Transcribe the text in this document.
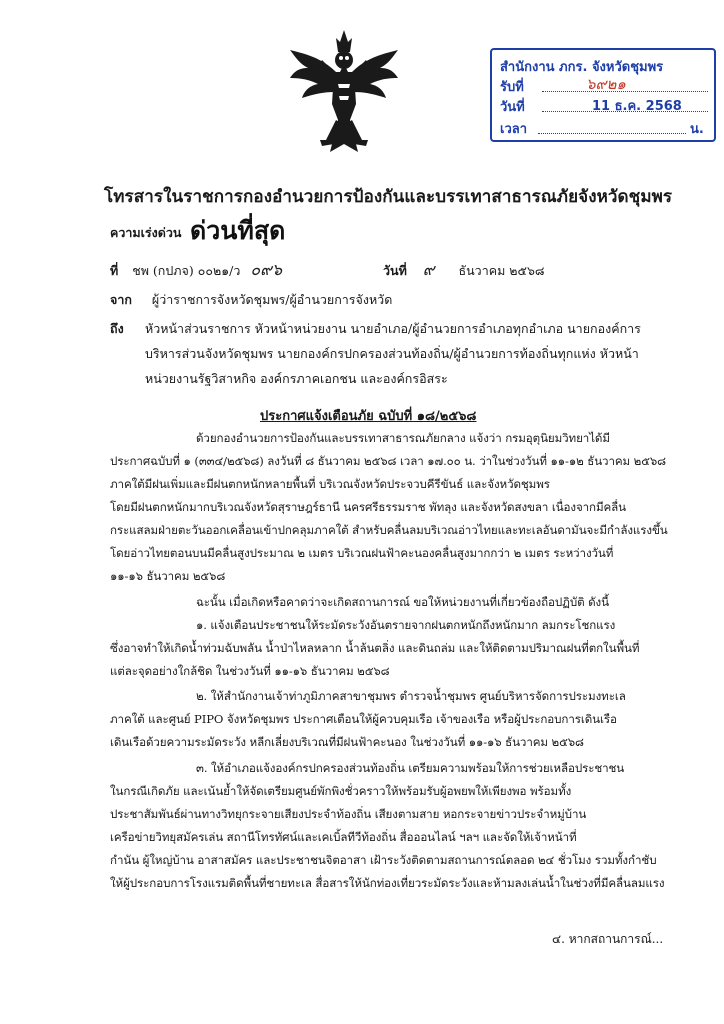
สำนักงาน ภกร. จังหวัดชุมพร
รับที่	๖๙๒๑
วันที่	11 ธ.ค. 2568
เวลา	น.
โทรสารในราชการกองอำนวยการป้องกันและบรรเทาสาธารณภัยจังหวัดชุมพร
ความเร่งด่วน ด่วนที่สุด
ที่ ชพ (กปภจ) ๐๐๒๑/ว ๐๙๖	วันที่ ๙ ธันวาคม ๒๕๖๘
จาก ผู้ว่าราชการจังหวัดชุมพร/ผู้อำนวยการจังหวัด
ถึง หัวหน้าส่วนราชการ หัวหน้าหน่วยงาน นายอำเภอ/ผู้อำนวยการอำเภอทุกอำเภอ นายกองค์การ
บริหารส่วนจังหวัดชุมพร นายกองค์กรปกครองส่วนท้องถิ่น/ผู้อำนวยการท้องถิ่นทุกแห่ง หัวหน้า
หน่วยงานรัฐวิสาหกิจ องค์กรภาคเอกชน และองค์กรอิสระ
ประกาศแจ้งเตือนภัย ฉบับที่ ๑๘/๒๕๖๘
ด้วยกองอำนวยการป้องกันและบรรเทาสาธารณภัยกลาง แจ้งว่า กรมอุตุนิยมวิทยาได้มี
ประกาศฉบับที่ ๑ (๓๓๔/๒๕๖๘) ลงวันที่ ๘ ธันวาคม ๒๕๖๘ เวลา ๑๗.๐๐ น. ว่าในช่วงวันที่ ๑๑-๑๒ ธันวาคม ๒๕๖๘
ภาคใต้มีฝนเพิ่มและมีฝนตกหนักหลายพื้นที่ บริเวณจังหวัดประจวบคีรีขันธ์ และจังหวัดชุมพร
โดยมีฝนตกหนักมากบริเวณจังหวัดสุราษฎร์ธานี นครศรีธรรมราช พัทลุง และจังหวัดสงขลา เนื่องจากมีคลื่น
กระแสลมฝ่ายตะวันออกเคลื่อนเข้าปกคลุมภาคใต้ สำหรับคลื่นลมบริเวณอ่าวไทยและทะเลอันดามันจะมีกำลังแรงขึ้น
โดยอ่าวไทยตอนบนมีคลื่นสูงประมาณ ๒ เมตร บริเวณฝนฟ้าคะนองคลื่นสูงมากกว่า ๒ เมตร ระหว่างวันที่
๑๑-๑๖ ธันวาคม ๒๕๖๘
ฉะนั้น เมื่อเกิดหรือคาดว่าจะเกิดสถานการณ์ ขอให้หน่วยงานที่เกี่ยวข้องถือปฏิบัติ ดังนี้
๑. แจ้งเตือนประชาชนให้ระมัดระวังอันตรายจากฝนตกหนักถึงหนักมาก ลมกระโชกแรง
ซึ่งอาจทำให้เกิดน้ำท่วมฉับพลัน น้ำป่าไหลหลาก น้ำล้นตลิ่ง และดินถล่ม และให้ติดตามปริมาณฝนที่ตกในพื้นที่
แต่ละจุดอย่างใกล้ชิด ในช่วงวันที่ ๑๑-๑๖ ธันวาคม ๒๕๖๘
๒. ให้สำนักงานเจ้าท่าภูมิภาคสาขาชุมพร ตำรวจน้ำชุมพร ศูนย์บริหารจัดการประมงทะเล
ภาคใต้ และศูนย์ PIPO จังหวัดชุมพร ประกาศเตือนให้ผู้ควบคุมเรือ เจ้าของเรือ หรือผู้ประกอบการเดินเรือ
เดินเรือด้วยความระมัดระวัง หลีกเลี่ยงบริเวณที่มีฝนฟ้าคะนอง ในช่วงวันที่ ๑๑-๑๖ ธันวาคม ๒๕๖๘
๓. ให้อำเภอแจ้งองค์กรปกครองส่วนท้องถิ่น เตรียมความพร้อมให้การช่วยเหลือประชาชน
ในกรณีเกิดภัย และเน้นย้ำให้จัดเตรียมศูนย์พักพิงชั่วคราวให้พร้อมรับผู้อพยพให้เพียงพอ พร้อมทั้ง
ประชาสัมพันธ์ผ่านทางวิทยุกระจายเสียงประจำท้องถิ่น เสียงตามสาย หอกระจายข่าวประจำหมู่บ้าน
เครือข่ายวิทยุสมัครเล่น สถานีโทรทัศน์และเคเบิ้ลทีวีท้องถิ่น สื่อออนไลน์ ฯลฯ และจัดให้เจ้าหน้าที่
กำนัน ผู้ใหญ่บ้าน อาสาสมัคร และประชาชนจิตอาสา เฝ้าระวังติดตามสถานการณ์ตลอด ๒๔ ชั่วโมง รวมทั้งกำชับ
ให้ผู้ประกอบการโรงแรมติดพื้นที่ชายทะเล สื่อสารให้นักท่องเที่ยวระมัดระวังและห้ามลงเล่นน้ำในช่วงที่มีคลื่นลมแรง
๔. หากสถานการณ์...
